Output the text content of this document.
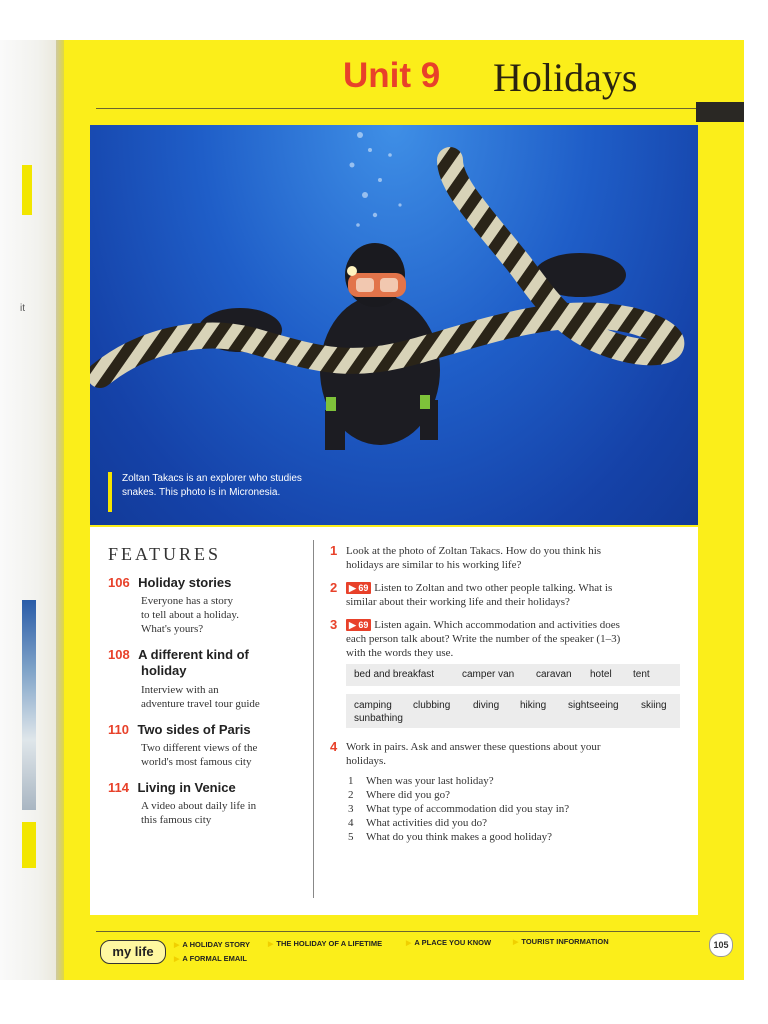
it
Unit 9 Holidays
Zoltan Takacs is an explorer who studies snakes. This photo is in Micronesia.
FEATURES
106 Holiday stories
Everyone has a story
to tell about a holiday.
What's yours?
108 A different kind of
holiday
Interview with an
adventure travel tour guide
110 Two sides of Paris
Two different views of the
world's most famous city
114 Living in Venice
A video about daily life in
this famous city
1 Look at the photo of Zoltan Takacs. How do you think his
holidays are similar to his working life?
2	▶ 69 Listen to Zoltan and two other people talking. What is
similar about their working life and their holidays?
3	▶ 69 Listen again. Which accommodation and activities does
each person talk about? Write the number of the speaker (1–3)
with the words they use.
bed and breakfast	camper van caravan hotel tent
camping clubbing diving hiking sightseeing skiing
sunbathing
4 Work in pairs. Ask and answer these questions about your
holidays.
1 When was your last holiday?
2 Where did you go?
3 What type of accommodation did you stay in?
4 What activities did you do?
5 What do you think makes a good holiday?
my life	▶ A HOLIDAY STORY	▶ THE HOLIDAY OF A LIFETIME	▶ A PLACE YOU KNOW	▶ TOURIST INFORMATION
▶ A FORMAL EMAIL
105
